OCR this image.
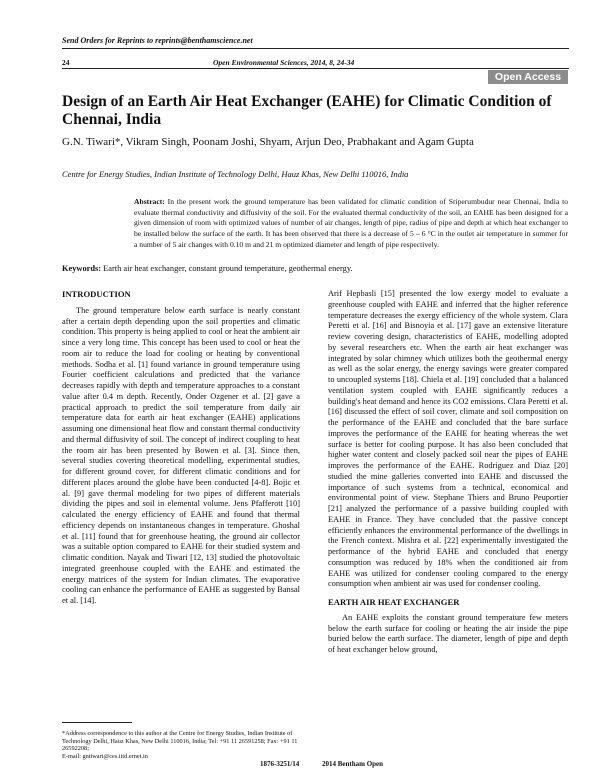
Send Orders for Reprints to reprints@benthamscience.net
24	Open Environmental Sciences, 2014, 8, 24-34
Open Access
Design of an Earth Air Heat Exchanger (EAHE) for Climatic Condition of Chennai, India
G.N. Tiwari*, Vikram Singh, Poonam Joshi, Shyam, Arjun Deo, Prabhakant and Agam Gupta
Centre for Energy Studies, Indian Institute of Technology Delhi, Hauz Khas, New Delhi 110016, India
Abstract: In the present work the ground temperature has been validated for climatic condition of Sriperumbudur near Chennai, India to evaluate thermal conductivity and diffusivity of the soil. For the evaluated thermal conductivity of the soil, an EAHE has been designed for a given dimension of room with optimized values of number of air changes, length of pipe, radius of pipe and depth at which heat exchanger to be installed below the surface of the earth. It has been observed that there is a decrease of 5 – 6 °C in the outlet air temperature in summer for a number of 5 air changes with 0.10 m and 21 m optimized diameter and length of pipe respectively.
Keywords: Earth air heat exchanger, constant ground temperature, geothermal energy.

INTRODUCTION

The ground temperature below earth surface is nearly constant after a certain depth depending upon the soil properties and climatic condition. This property is being applied to cool or heat the ambient air since a very long time. This concept has been used to cool or heat the room air to reduce the load for cooling or heating by conventional methods. Sodha et al. [1] found variance in ground temperature using Fourier coefficient calculations and predicted that the variance decreases rapidly with depth and temperature approaches to a constant value after 0.4 m depth. Recently, Onder Ozgener et al. [2] gave a practical approach to predict the soil temperature from daily air temperature data for earth air heat exchanger (EAHE) applications assuming one dimensional heat flow and constant thermal conductivity and thermal diffusivity of soil. The concept of indirect coupling to heat the room air has been presented by Bowen et al. [3]. Since then, several studies covering theoretical modelling, experimental studies, for different ground cover, for different climatic conditions and for different places around the globe have been conducted [4-8]. Bojic et al. [9] gave thermal modeling for two pipes of different materials dividing the pipes and soil in elemental volume. Jens Pfafferott [10] calculated the energy efficiency of EAHE and found that thermal efficiency depends on instantaneous changes in temperature. Ghoshal et al. [11] found that for greenhouse heating, the ground air collector was a suitable option compared to EAHE for their studied system and climatic condition. Nayak and Tiwari [12, 13] studied the photovoltaic integrated greenhouse coupled with the EAHE and estimated the energy matrices of the system for Indian climates. The evaporative cooling can enhance the performance of EAHE as suggested by Bansal et al. [14].

Arif Hepbasli [15] presented the low exergy model to evaluate a greenhouse coupled with EAHE and inferred that the higher reference temperature decreases the exergy efficiency of the whole system. Clara Peretti et al. [16] and Bisnoyia et al. [17] gave an extensive literature review covering design, characteristics of EAHE, modelling adopted by several researchers etc. When the earth air heat exchanger was integrated by solar chimney which utilizes both the geothermal energy as well as the solar energy, the energy savings were greater compared to uncoupled systems [18]. Chiela et al. [19] concluded that a balanced ventilation system coupled with EAHE significantly reduces a building's heat demand and hence its CO2 emissions. Clara Peretti et al. [16] discussed the effect of soil cover, climate and soil composition on the performance of the EAHE and concluded that the bare surface improves the performance of the EAHE for heating whereas the wet surface is better for cooling purpose. It has also been concluded that higher water content and closely packed soil near the pipes of EAHE improves the performance of the EAHE. Rodriguez and Diaz [20] studied the mine galleries converted into EAHE and discussed the importance of such systems from a technical, economical and environmental point of view. Stephane Thiers and Bruno Peuportier [21] analyzed the performance of a passive building coupled with EAHE in France. They have concluded that the passive concept efficiently enhances the environmental performance of the dwellings in the French context. Mishra et al. [22] experimentally investigated the performance of the hybrid EAHE and concluded that energy consumption was reduced by 18% when the conditioned air from EAHE was utilized for condenser cooling compared to the energy consumption when ambient air was used for condenser cooling.

EARTH AIR HEAT EXCHANGER

An EAHE exploits the constant ground temperature few meters below the earth surface for cooling or heating the air inside the pipe buried below the earth surface. The diameter, length of pipe and depth of heat exchanger below ground,

*Address correspondence to this author at the Centre for Energy Studies, Indian Institute of Technology Delhi, Hauz Khas, New Delhi 110016, India; Tel: +91 11 26591258; Fax: +91 11 26592208;

E-mail: gntiwari@ces.iitd.ernet.in

1876-3251/14	2014 Bentham Open
